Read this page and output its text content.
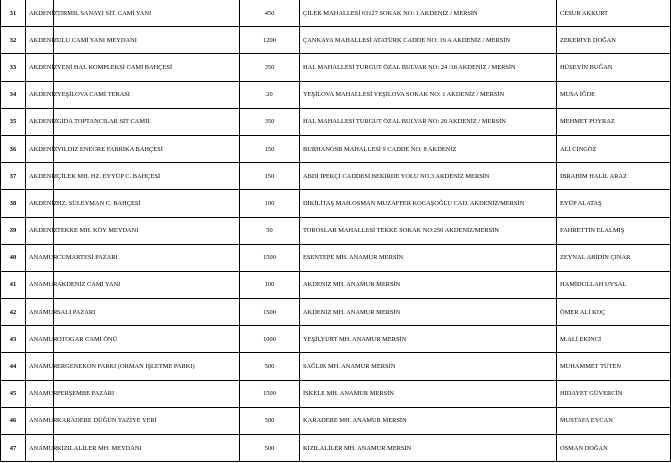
31	AKDENİZ	TIRMIL SANAYİ SİT. CAMİ YANI	450	ÇİLEK MAHALLESİ 63127 SOKAK NO: 1 AKDENİZ / MERSİN	CESUR AKKURT
32	AKDENİZ	ULU CAMİ YANI MEYDANI	1200	ÇANKAYA MAHALLESİ ATATÜRK CADDE NO: 19 A AKDENİZ / MERSİN	ZEKERİYE DOĞAN
33	AKDENİZ	YENİ HAL KOMPLEKSİ CAMİ BAHÇESİ	350	HAL MAHALLESİ TURGUT ÖZAL BULVAR NO: 24 /18 AKDENİZ / MERSİN	HÜSEYİN BUĞAN
34	AKDENİZ	YEŞİLOVA CAMİ TERASI	20	YEŞİLOVA MAHALLESİ YEŞİLOVA SOKAK NO: 1 AKDENİZ / MERSİN	MUSA İĞDE
35	AKDENİZ	GIDA TOPTANCILAR SİT CAMİİ	350	HAL MAHALLESİ TURGUT ÖZAL BULVAR NO: 20 AKDENİZ / MERSİN	MEHMET POYRAZ
36	AKDENİZ	YILDIZ ENEGRE FABRİKA BAHÇESİ	150	BURHANOSB MAHALLESİ 9 CADDE NO: 8 AKDENİZ	ALİ CİNGÖZ
37	AKDENİZ	ÇİLEK MH. HZ. EYYÜP C. BAHÇESİ	150	ABDİ İPEKÇİ CADDESİ BEKİRDE YOLU NO.3 AKDENİZ MERSİN	İBRAHİM HALİL ARAZ
38	AKDENİZ	HZ. SÜLEYMAN C. BAHÇESİ	100	DİKİLİTAŞ MAH.OSMAN MUZAFFER KOCAŞOĞLU CAD. AKDENİZ/MERSİN	EYÜP ALATAŞ
39	AKDENİZ	TEKKE MH. KÖY MEYDANI	50	TOROSLAR MAHALLESİ TEKKE SOKAK NO:250 AKDENİZ/MERSİN	FAHRETTİN ELALMIŞ
40	ANAMUR	CUMARTESİ PAZARI	1500	ESENTEPE MH. ANAMUR MERSİN	ZEYNAL ABİDİN ÇINAR
41	ANAMUR	AKDENİZ CAMİ YANI	100	AKDENİZ MH. ANAMUR MERSİN	HAMİDULLAH UYSAL
42	ANAMUR	SALI PAZARI	1500	AKDENİZ MH. ANAMUR MERSİN	ÖMER ALİ KOÇ
43	ANAMUR	OTOGAR CAMİ ÖNÜ	1000	YEŞİLYURT MH. ANAMUR MERSİN	M.ALİ EKİNCİ
44	ANAMUR	ERGENEKON PARKI (ORMAN İŞLETME PARKI)	500	SAĞLIK MH. ANAMUR MERSİN	MUHAMMET TÜTEN
45	ANAMUR	PERŞEMBE PAZARI	1500	İSKELE MH. ANAMUR MERSİN	HİDAYET GÜVERCİN
46	ANAMUR	KARADERE DÜĞÜN TAZİYE YERİ	500	KARADERE MH. ANAMUR MERSİN	MUSTAFA EYCAN
47	ANAMUR	KIZILALİLER MH. MEYDANI	500	KIZILALİLER MH. ANAMUR MERSİN	OSMAN DOĞAN
